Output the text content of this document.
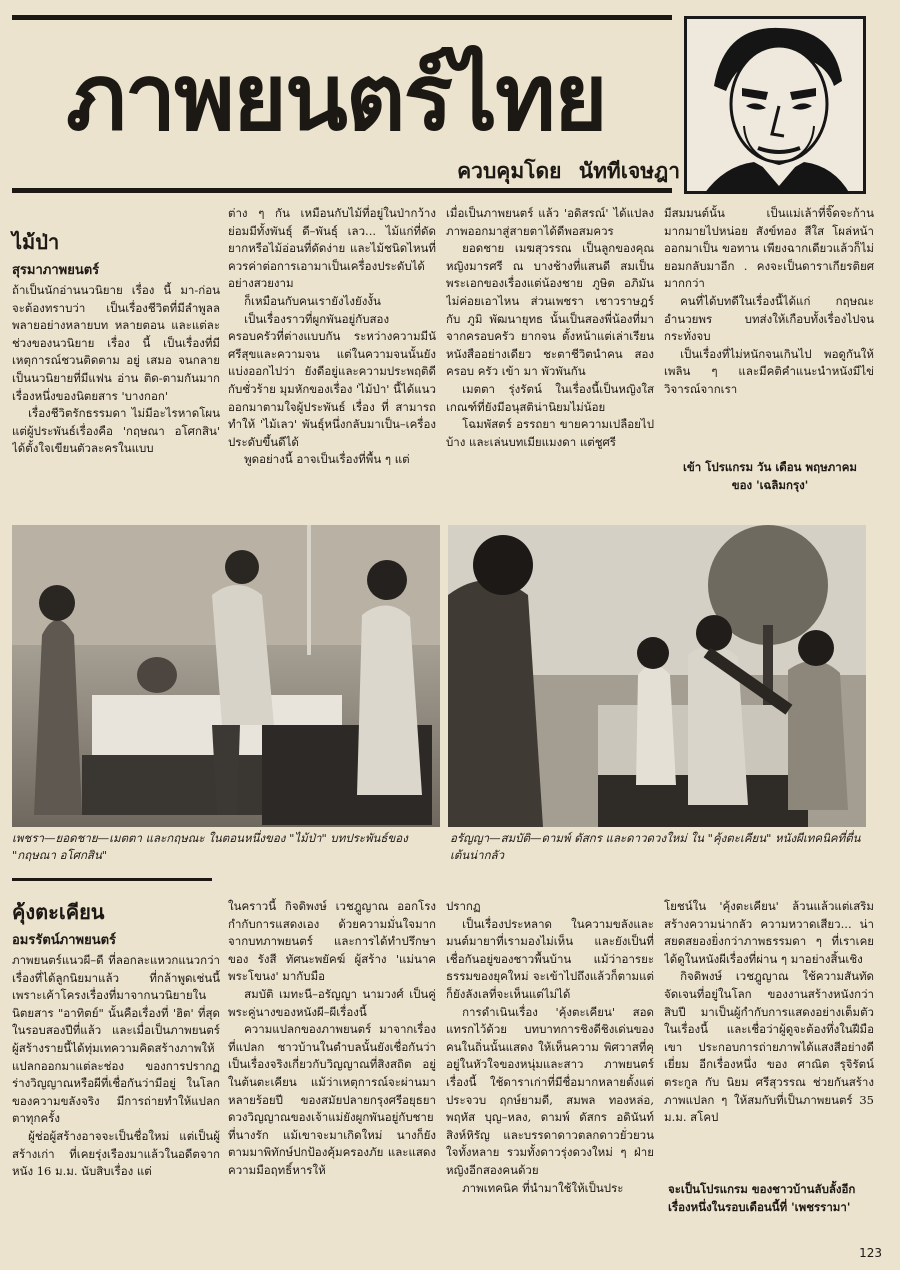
ภาพยนตร์ไทย
ควบคุมโดย นัททีเจษฎา
ไม้ป่า
สุรมาภาพยนตร์

ถ้าเป็นนักอ่านนวนิยาย เรื่อง นี้ มา-ก่อน จะต้องทราบว่า เป็นเรื่องชีวิตที่มีลำพูลลพลายอย่างหลายบท หลายตอน และแต่ละช่วงของนวนิยาย เรื่อง นี้ เป็นเรื่องที่มีเหตุการณ์ชวนติดตาม อยู่ เสมอ จนกลายเป็นนวนิยายที่มีแฟน อ่าน ติด-ตามกันมากเรื่องหนึ่งของนิตยสาร 'บางกอก'

เรื่องชีวิตรักธรรมดา ไม่มีอะไรหาดโผน แต่ผู้ประพันธ์เรื่องคือ 'กฤษณา อโศกสิน' ได้ตั้งใจเขียนตัวละครในแบบ

ต่าง ๆ กัน เหมือนกับไม้ที่อยู่ในป่ากว้าง ย่อมมีทั้งพันธุ์ ดี–พันธุ์ เลว... ไม้แก่ที่ดัดยากหรือไม้อ่อนที่ดัดง่าย และไม้ชนิดไหนที่ควรค่าต่อการเอามาเป็นเครื่องประดับได้อย่างสวยงาม

ก็เหมือนกับคนเรายังไงยังงั้น

เป็นเรื่องราวที่ผูกพันอยู่กับสองครอบครัวที่ต่างแบบกัน ระหว่างความมีนัศรีสุขและความจน แต่ในความจนนั้นยังแบ่งออกไปว่า ยังดีอยู่และความประพฤติดีกับชั่วร้าย มุมหักของเรื่อง 'ไม้ป่า' นี้ได้แนวออกมาตามใจผู้ประพันธ์ เรื่อง ที่ สามารถทำให้ 'ไม้เลว' พันธุ์หนึ่งกลับมาเป็น–เครื่องประดับขึ้นดีได้

พูดอย่างนี้ อาจเป็นเรื่องที่พื้น ๆ แต่

เมื่อเป็นภาพยนตร์ แล้ว 'อดิสรณ์' ได้แปลงภาพออกมาสู่สายตาได้ดีพอสมควร

ยอดชาย เมฆสุวรรณ เป็นลูกของคุณหญิงมารศรี ณ บางช้างที่แสนดี สมเป็นพระเอกของเรื่องแต่น้องชาย ภูษิต อภิมัน ไม่ค่อยเอาไหน ส่วนเพชรา เชาวราษฎร์ กับ ภูมิ พัฒนายุทธ นั้นเป็นสองพี่น้องที่มาจากครอบครัว ยากจน ตั้งหน้าแต่เล่าเรียนหนังสืออย่างเดียว ชะตาชีวิตนำคน สอง ครอบ ครัว เข้า มา พัวพันกัน

เมตตา รุ่งรัตน์ ในเรื่องนี้เป็นหญิงใสเกณฑ์ที่ยังมีอนุสติน่านิยมไม่น้อย

โฉมพัสตร์ อรรถยา ขายความเปลือยไปบ้าง และเล่นบทเมียแมงดา แต่ชูศรี

มีสมมนต์นั้น เป็นแม่เล้าที่จิ๊ดจะก้านมากมายไปหน่อย สังข์ทอง สีใส โผล่หน้าออกมาเป็น ขอทาน เพียงฉากเดียวแล้วก็ไม่ยอมกลับมาอีก . คงจะเป็นดาราเกียรติยศมากกว่า

คนที่ได้บทดีในเรื่องนี้ได้แก่ กฤษณะ อำนวยพร บทส่งให้เกือบทั้งเรื่องไปจนกระทั่งจบ

เป็นเรื่องที่ไม่หนักจนเกินไป พอดูกันให้เพลิน ๆ และมีคติคำแนะนำหนังมีไข่วิจารณ์จากเรา

เข้า โปรแกรม วัน เดือน พฤษภาคม ของ 'เฉลิมกรุง'
เพชรา—ยอดชาย—เมตตา และกฤษณะ ในตอนหนึ่งของ "ไม้ป่า" บทประพันธ์ของ "กฤษณา อโศกสิน"
อรัญญา—สมบัติ—ดามพ์ ดัสกร และดาวดวงใหม่ ใน "คุ้งตะเคียน" หนังผีเทคนิคที่ตื่นเต้นน่ากลัว
คุ้งตะเคียน
อมรรัตน์ภาพยนตร์

ภาพยนตร์แนวผี–ดี ที่ลอกละแหวกแนวกว่าเรื่องที่ได้ลูกนิยมาแล้ว ที่กล้าพูดเช่นนี้ เพราะเค้าโครงเรื่องที่มาจากนวนิยายในนิตยสาร "อาทิตย์" นั้นคือเรื่องที่ 'ฮิต' ที่สุดในรอบสองปีที่แล้ว และเมื่อเป็นภาพยนตร์ ผู้สร้างรายนี้ได้ทุ่มเทความคิดสร้างภาพให้แปลกออกมาแต่ละช่อง ของการปรากฏร่างวิญญาณหรือผีที่เชื่อกันว่ามีอยู่ ในโลกของความขลังจริง มีการถ่ายทำให้แปลกตาทุกครั้ง

ผู้ช่อผู้สร้างอาจจะเป็นชื่อใหม่ แต่เป็นผู้สร้างเก่า ที่เคยรุ่งเรืองมาแล้วในอดีตจากหนัง 16 ม.ม. นับสิบเรื่อง แต่

ในคราวนี้ กิจดิพงษ์ เวชฎูญาณ ออกโรงกำกับการแสดงเอง ด้วยความมั่นใจมาก จากบทภาพยนตร์ และการได้ทำปรึกษาของ รังสี ทัศนะพยัคฆ์ ผู้สร้าง 'แม่นาคพระโขนง' มากับมือ

สมบัติ เมทะนี–อรัญญา นามวงศ์ เป็นคู่พระคู่นางของหนังผี–ผีเรื่องนี้

ความแปลกของภาพยนตร์ มาจากเรื่องที่แปลก ชาวบ้านในตำบลนั้นยังเชื่อกันว่า เป็นเรื่องจริงเกี่ยวกับวิญญาณที่สิงสถิต อยู่ในต้นตะเคียน แม้ว่าเหตุการณ์จะผ่านมาหลายร้อยปี ของสมัยปลายกรุงศรีอยุธยา ดวงวิญญาณของเจ้าแม่ยังผูกพันอยู่กับชายที่นางรัก แม้เขาจะมาเกิดใหม่ นางก็ยังตามมาพิทักษ์ปกป้องคุ้มครองภัย และแสดงความมือฤทธิ์หารให้

ปรากฏ

เป็นเรื่องประหลาด ในความขลังและมนต์มายาที่เรามองไม่เห็น และยังเป็นที่เชื่อกันอยู่ของชาวพื้นบ้าน แม้ว่าอารยะธรรมของยุคใหม่ จะเข้าไปถึงแล้วก็ตามแต่ก็ยังลังเลที่จะเห็นแต่ไม่ได้

การดำเนินเรื่อง 'คุ้งตะเคียน' สอดแทรกไว้ด้วย บทบาทการชิงดีชิงเด่นของคนในถิ่นนั้นแสดง ให้เห็นความ พิศวาสที่คุอยู่ในหัวใจของหนุ่มและสาว ภาพยนตร์เรื่องนี้ ใช้ดาราเก่าที่มีชื่อมากหลายตั้งแต่ ประจวบ ฤกษ์ยามดี, สมพล ทองหล่อ, พฤหัส บุญ–หลง, ดามพ์ ดัสกร อดินันท์ สิงห์หิรัญ และบรรดาดาวตลกดาวยั่วยวนใจทั้งหลาย รวมทั้งดาวรุ่งดวงใหม่ ๆ ฝ่ายหญิงอีกสองคนด้วย

ภาพเทคนิค ที่นำมาใช้ให้เป็นประ

โยชน์ใน 'คุ้งตะเคียน' ล้วนแล้วแต่เสริมสร้างความน่ากลัว ความหวาดเสียว... น่าสยดสยองยิ่งกว่าภาพธรรมดา ๆ ที่เราเคยได้ดูในหนังผีเรื่องที่ผ่าน ๆ มาอย่างสิ้นเชิง

กิจดิพงษ์ เวชฎูญาณ ใช้ความสันทัดจัดเจนที่อยู่ในโลก ของงานสร้างหนังกว่าสิบปี มาเป็นผู้กำกับการแสดงอย่างเต็มตัวในเรื่องนี้ และเชื่อว่าผู้ดูจะต้องทึ่งในฝีมือเขา ประกอบการถ่ายภาพได้แสงสีอย่างดีเยี่ยม อีกเรื่องหนึ่ง ของ ศาณิต รุจิรัตน์ตระกูล กับ นิยม ศรีสุวรรณ ช่วยกันสร้างภาพแปลก ๆ ให้สมกับที่เป็นภาพยนตร์ 35 ม.ม. สโคป

จะเป็นโปรแกรม ของชาวบ้านลับลั้งอีกเรื่องหนึ่งในรอบเดือนนี้ที่ 'เพชรรามา'
123
